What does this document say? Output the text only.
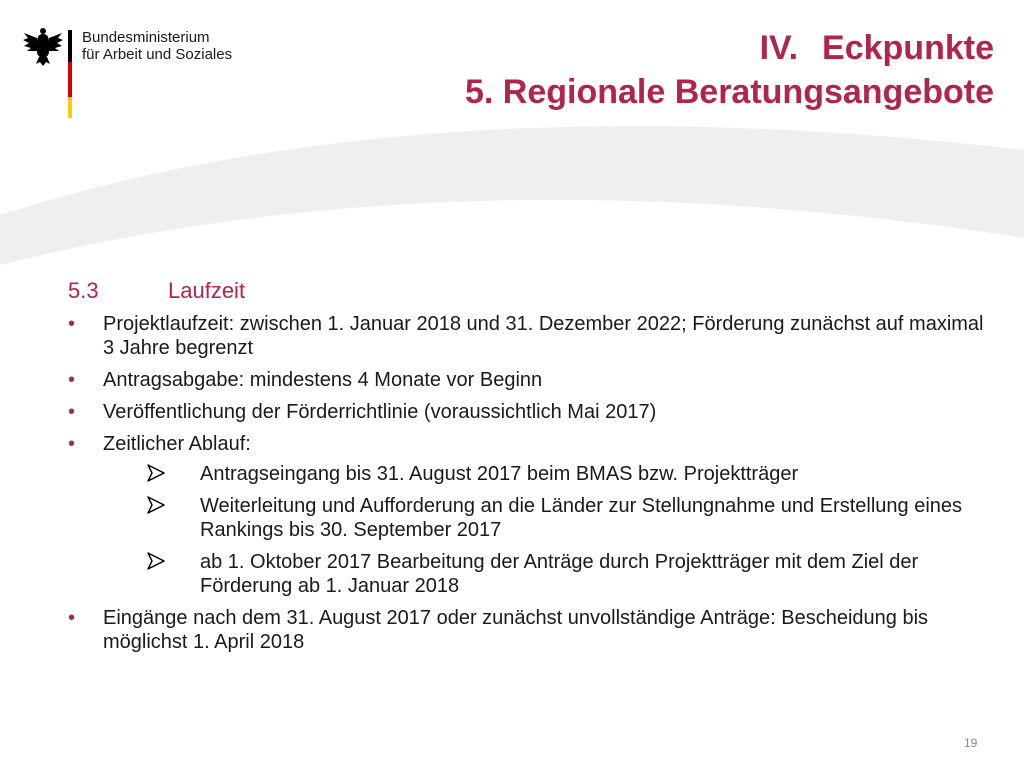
Bundesministerium
für Arbeit und Soziales	IV. Eckpunkte
5. Regionale Beratungsangebote
5.3	Laufzeit
• Projektlaufzeit: zwischen 1. Januar 2018 und 31. Dezember 2022; Förderung zunächst auf maximal 3 Jahre begrenzt
• Antragsabgabe: mindestens 4 Monate vor Beginn
• Veröffentlichung der Förderrichtlinie (voraussichtlich Mai 2017)
• Zeitlicher Ablauf:
Antragseingang bis 31. August 2017 beim BMAS bzw. Projektträger
Weiterleitung und Aufforderung an die Länder zur Stellungnahme und Erstellung eines Rankings bis 30. September 2017
ab 1. Oktober 2017 Bearbeitung der Anträge durch Projektträger mit dem Ziel der Förderung ab 1. Januar 2018
• Eingänge nach dem 31. August 2017 oder zunächst unvollständige Anträge: Bescheidung bis möglichst 1. April 2018
19
